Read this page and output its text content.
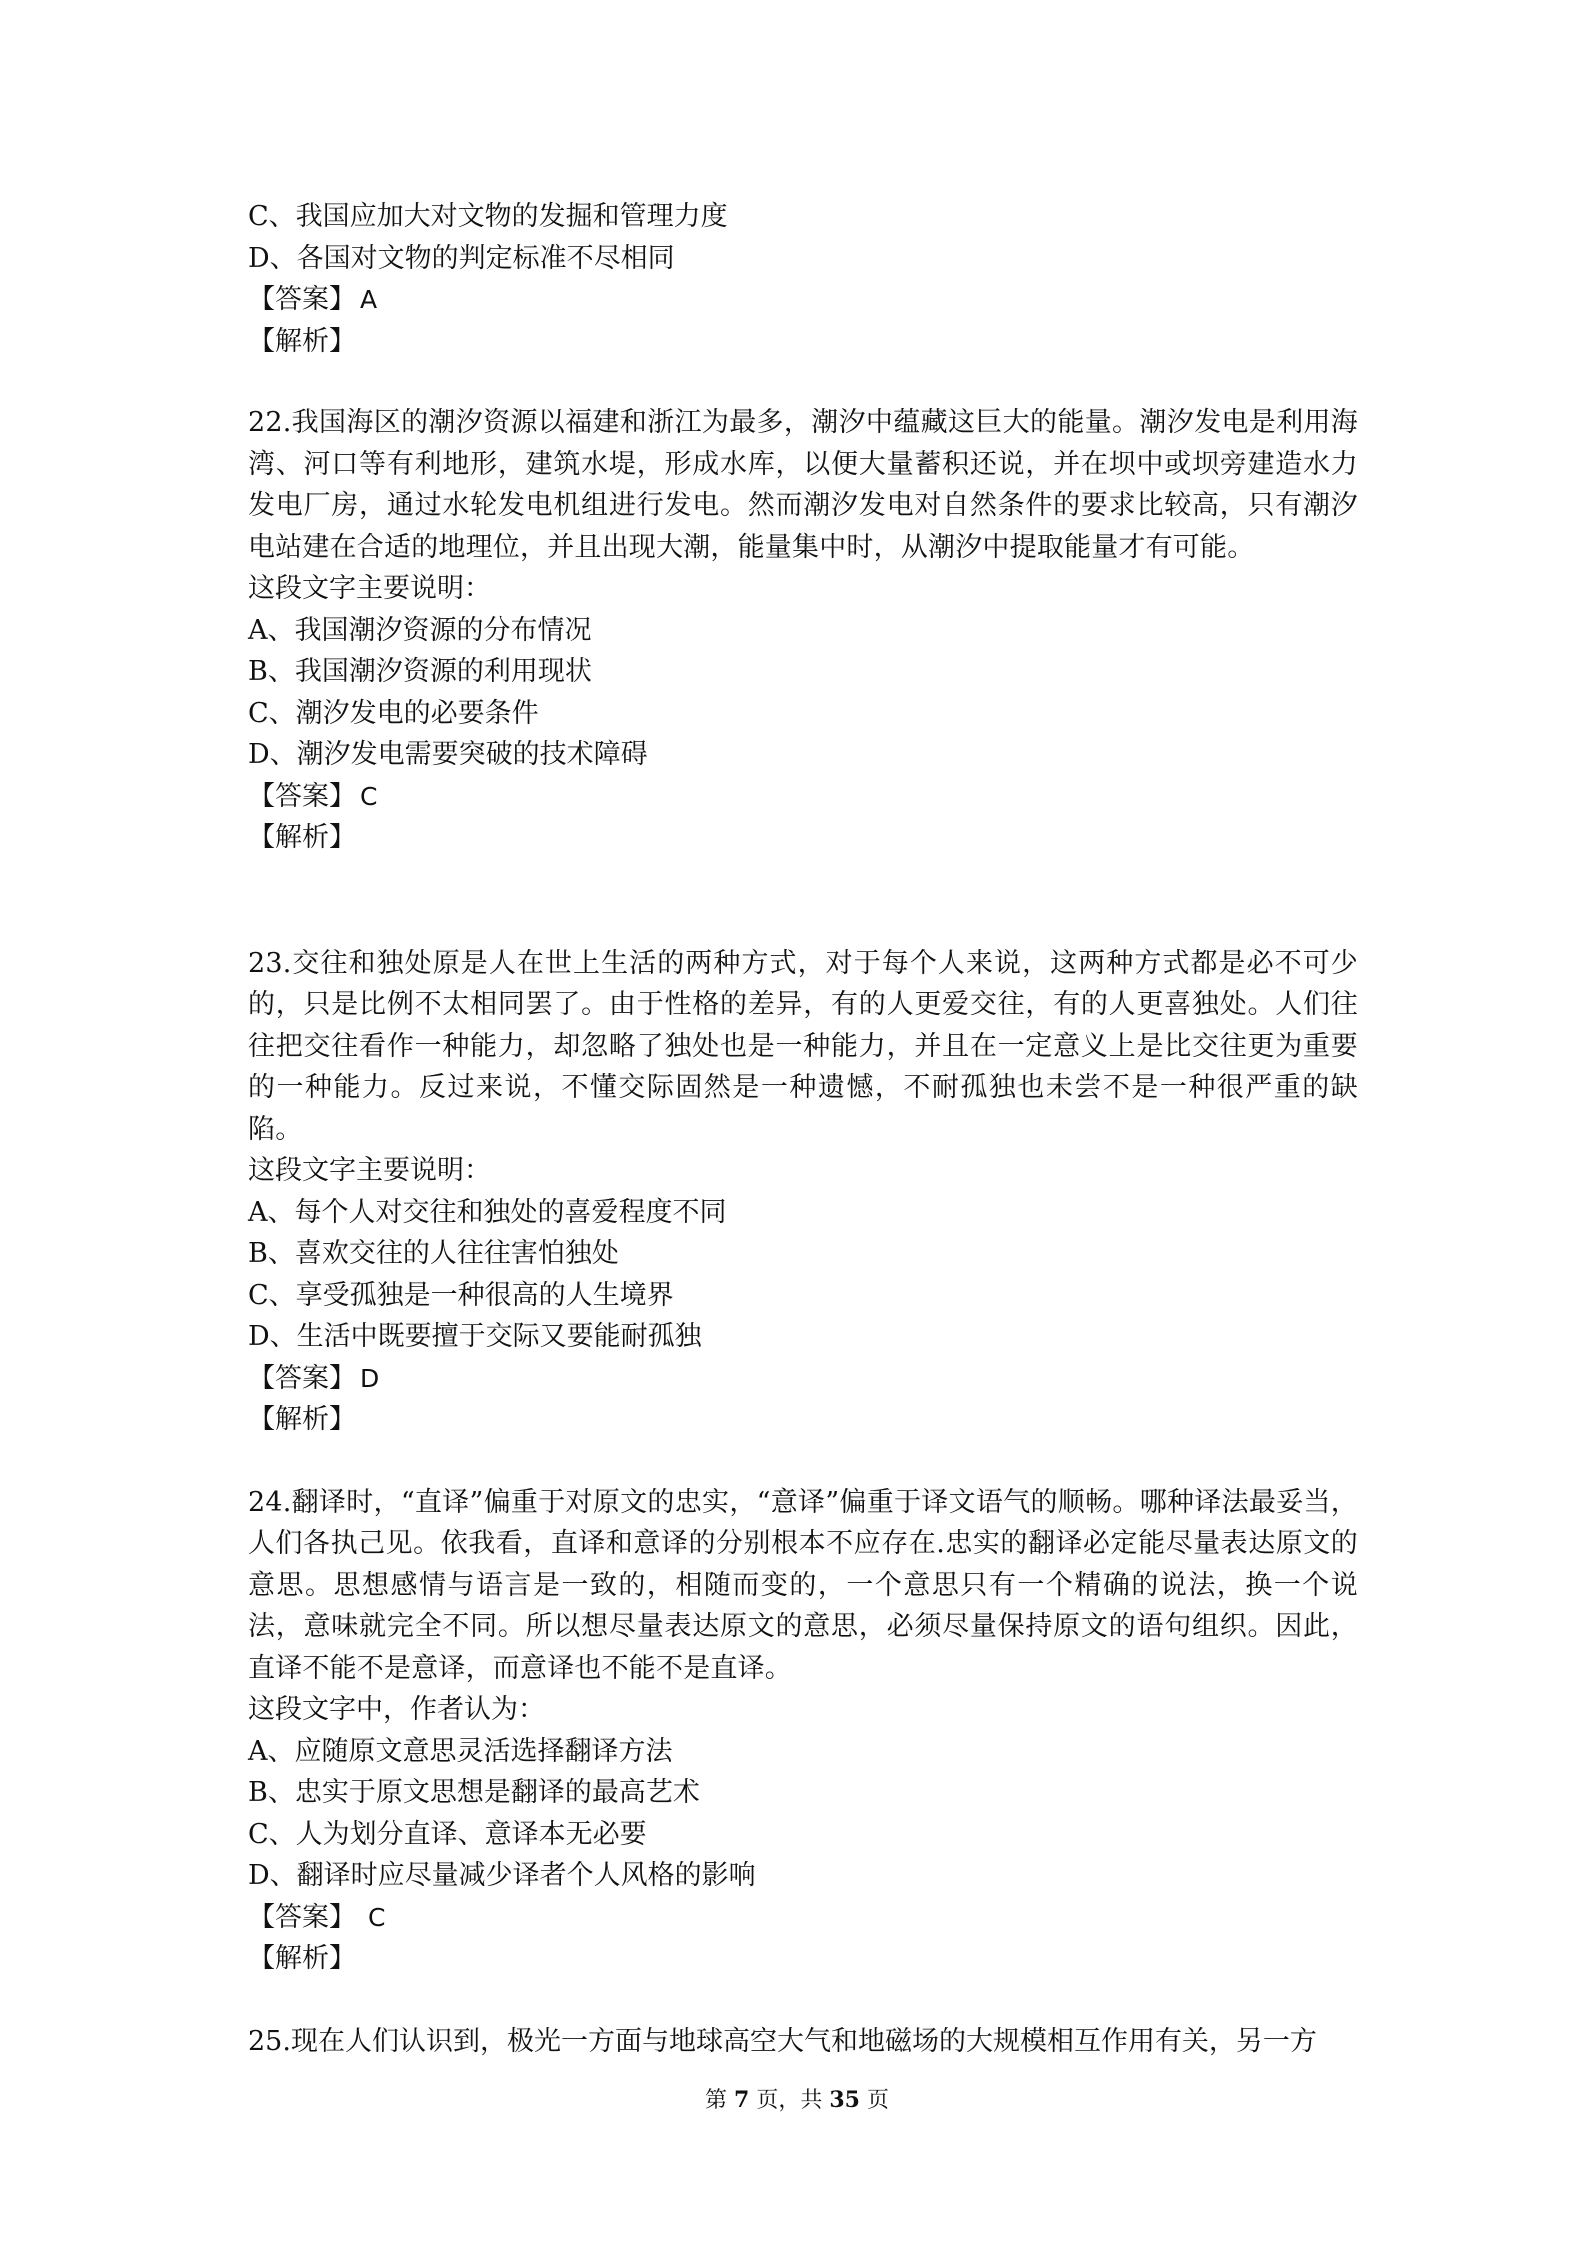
C、我国应加大对文物的发掘和管理力度

D、各国对文物的判定标准不尽相同

【答案】 A

【解析】

22.我国海区的潮汐资源以福建和浙江为最多，潮汐中蕴藏这巨大的能量。潮汐发电是利用海湾、河口等有利地形，建筑水堤，形成水库，以便大量蓄积还说，并在坝中或坝旁建造水力发电厂房，通过水轮发电机组进行发电。然而潮汐发电对自然条件的要求比较高，只有潮汐电站建在合适的地理位，并且出现大潮，能量集中时，从潮汐中提取能量才有可能。

这段文字主要说明：

A、我国潮汐资源的分布情况

B、我国潮汐资源的利用现状

C、潮汐发电的必要条件

D、潮汐发电需要突破的技术障碍

【答案】 C

【解析】

23.交往和独处原是人在世上生活的两种方式，对于每个人来说，这两种方式都是必不可少的，只是比例不太相同罢了。由于性格的差异，有的人更爱交往，有的人更喜独处。人们往往把交往看作一种能力，却忽略了独处也是一种能力，并且在一定意义上是比交往更为重要的一种能力。反过来说，不懂交际固然是一种遗憾，不耐孤独也未尝不是一种很严重的缺陷。

这段文字主要说明：

A、每个人对交往和独处的喜爱程度不同

B、喜欢交往的人往往害怕独处

C、享受孤独是一种很高的人生境界

D、生活中既要擅于交际又要能耐孤独

【答案】 D

【解析】

24.翻译时，“直译”偏重于对原文的忠实，“意译”偏重于译文语气的顺畅。哪种译法最妥当，人们各执己见。依我看，直译和意译的分别根本不应存在.忠实的翻译必定能尽量表达原文的意思。思想感情与语言是一致的，相随而变的，一个意思只有一个精确的说法，换一个说法，意味就完全不同。所以想尽量表达原文的意思，必须尽量保持原文的语句组织。因此，直译不能不是意译，而意译也不能不是直译。

这段文字中，作者认为：

A、应随原文意思灵活选择翻译方法

B、忠实于原文思想是翻译的最高艺术

C、人为划分直译、意译本无必要

D、翻译时应尽量减少译者个人风格的影响

【答案】 C

【解析】

25.现在人们认识到，极光一方面与地球高空大气和地磁场的大规模相互作用有关，另一方

第 7 页，共 35 页
